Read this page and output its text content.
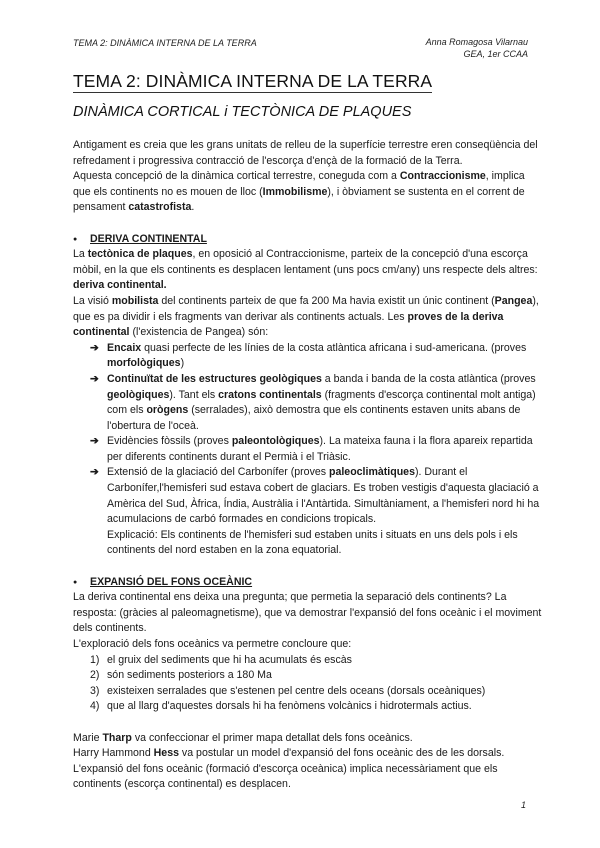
TEMA 2: DINÀMICA INTERNA DE LA TERRA	Anna Romagosa Vilarnau
GEA, 1er CCAA
TEMA 2: DINÀMICA INTERNA DE LA TERRA
DINÀMICA CORTICAL i TECTÒNICA DE PLAQUES

Antigament es creia que les grans unitats de relleu de la superfície terrestre eren conseqüència del refredament i progressiva contracció de l'escorça d'ençà de la formació de la Terra.

Aquesta concepció de la dinàmica cortical terrestre, coneguda com a Contraccionisme, implica que els continents no es mouen de lloc (Immobilisme), i òbviament se sustenta en el corrent de pensament catastrofista.

● DERIVA CONTINENTAL

La tectònica de plaques, en oposició al Contraccionisme, parteix de la concepció d'una escorça mòbil, en la que els continents es desplacen lentament (uns pocs cm/any) uns respecte dels altres: deriva continental.

La visió mobilista del continents parteix de que fa 200 Ma havia existit un únic continent (Pangea), que es pa dividir i els fragments van derivar als continents actuals. Les proves de la deriva continental (l'existencia de Pangea) són:

➔ Encaix quasi perfecte de les línies de la costa atlàntica africana i sud-americana. (proves morfològiques)
➔ Continuïtat de les estructures geològiques a banda i banda de la costa atlàntica (proves geològiques). Tant els cratons continentals (fragments d'escorça continental molt antiga) com els orògens (serralades), això demostra que els continents estaven units abans de l'obertura de l'oceà.
➔ Evidències fòssils (proves paleontològiques). La mateixa fauna i la flora apareix repartida per diferents continents durant el Permià i el Triàsic.
➔ Extensió de la glaciació del Carbonífer (proves paleoclimàtiques). Durant el Carbonífer,l'hemisferi sud estava cobert de glaciars. Es troben vestigis d'aquesta glaciació a Amèrica del Sud, Àfrica, Índia, Austràlia i l'Antàrtida. Simultàniament, a l'hemisferi nord hi ha acumulacions de carbó formades en condicions tropicals.
Explicació: Els continents de l'hemisferi sud estaben units i situats en uns dels pols i els continents del nord estaben en la zona equatorial.

● EXPANSIÓ DEL FONS OCEÀNIC

La deriva continental ens deixa una pregunta; que permetia la separació dels continents? La resposta: (gràcies al paleomagnetisme), que va demostrar l'expansió del fons oceànic i el moviment dels continents.

L'exploració dels fons oceànics va permetre concloure que:

1) el gruix del sediments que hi ha acumulats és escàs
2) són sediments posteriors a 180 Ma
3) existeixen serralades que s'estenen pel centre dels oceans (dorsals oceàniques)
4) que al llarg d'aquestes dorsals hi ha fenòmens volcànics i hidrotermals actius.

Marie Tharp va confeccionar el primer mapa detallat dels fons oceànics.

Harry Hammond Hess va postular un model d'expansió del fons oceànic des de les dorsals.

L'expansió del fons oceànic (formació d'escorça oceànica) implica necessàriament que els continents (escorça continental) es desplacen.

1
